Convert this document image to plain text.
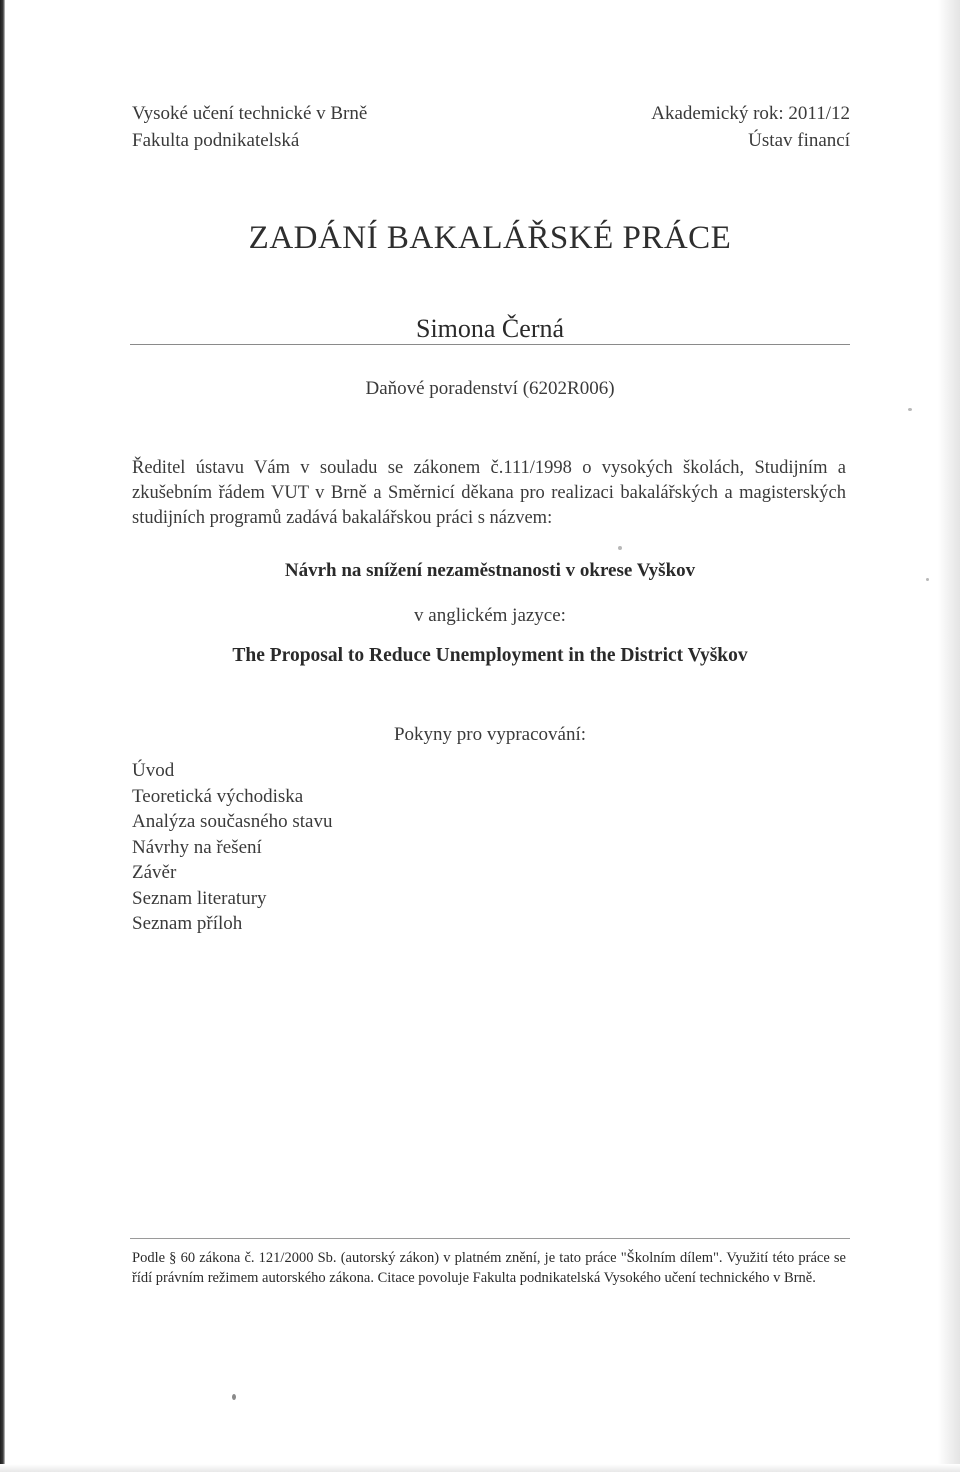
Vysoké učení technické v Brně
Fakulta podnikatelská
Akademický rok: 2011/12
Ústav financí
ZADÁNÍ BAKALÁŘSKÉ PRÁCE
Simona Černá
Daňové poradenství (6202R006)
Ředitel ústavu Vám v souladu se zákonem č.111/1998 o vysokých školách, Studijním a zkušebním řádem VUT v Brně a Směrnicí děkana pro realizaci bakalářských a magisterských studijních programů zadává bakalářskou práci s názvem:
Návrh na snížení nezaměstnanosti v okrese Vyškov
v anglickém jazyce:
The Proposal to Reduce Unemployment in the District Vyškov
Pokyny pro vypracování:
Úvod
Teoretická východiska
Analýza současného stavu
Návrhy na řešení
Závěr
Seznam literatury
Seznam příloh
Podle § 60 zákona č. 121/2000 Sb. (autorský zákon) v platném znění, je tato práce "Školním dílem". Využití této práce se řídí právním režimem autorského zákona. Citace povoluje Fakulta podnikatelská Vysokého učení technického v Brně.
